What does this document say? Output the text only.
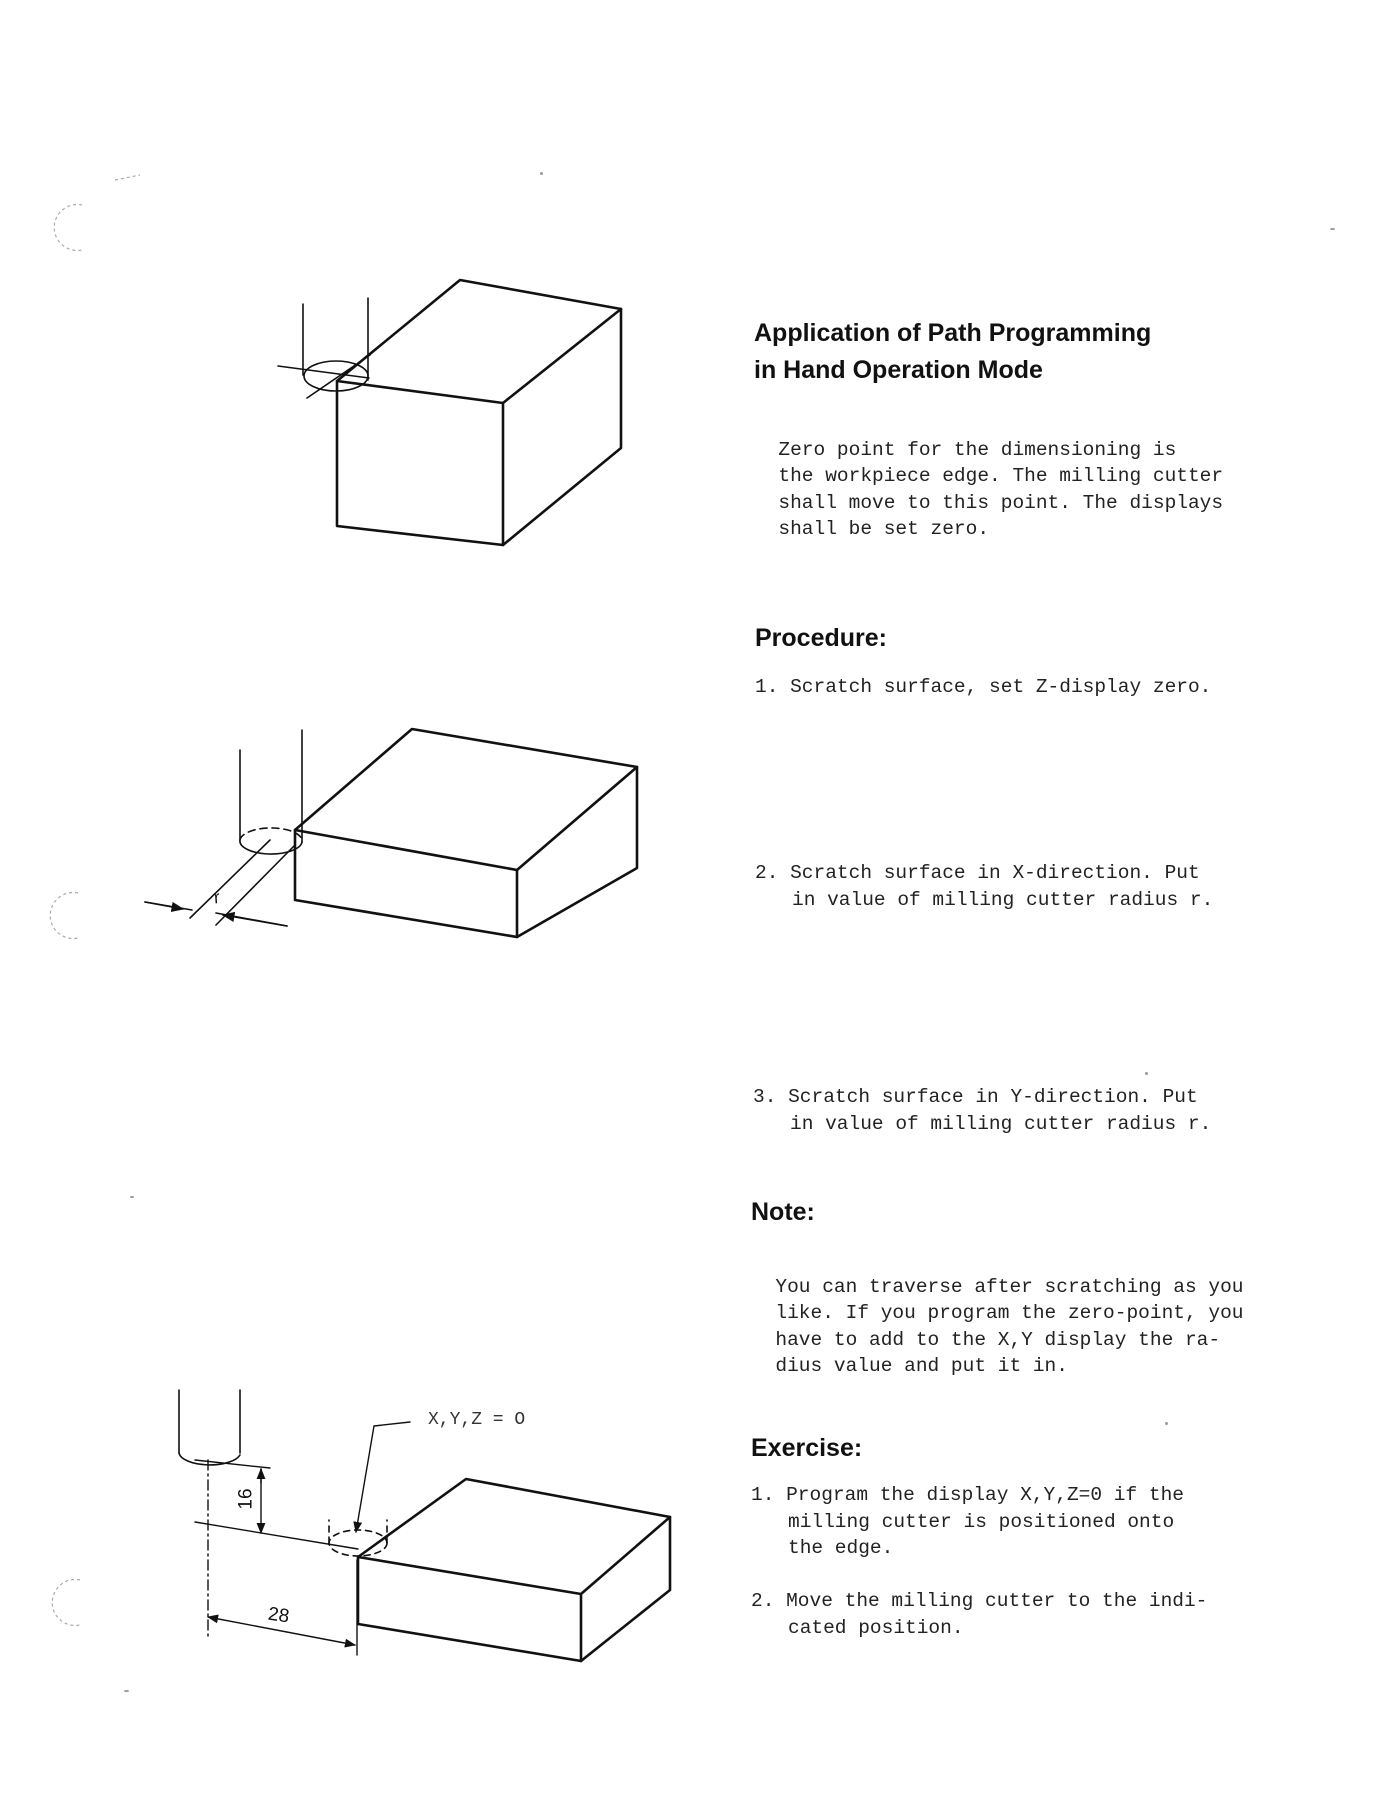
r
X,Y,Z = O
16
28
Application of Path Programming
in Hand Operation Mode

Zero point for the dimensioning is
the workpiece edge. The milling cutter
shall move to this point. The displays
shall be set zero.

Procedure:
1. Scratch surface, set Z-display zero.
2. Scratch surface in X-direction. Put
in value of milling cutter radius r.
3. Scratch surface in Y-direction. Put
in value of milling cutter radius r.
Note:

You can traverse after scratching as you
like. If you program the zero-point, you
have to add to the X,Y display the ra-
dius value and put it in.

Exercise:
1. Program the display X,Y,Z=0 if the
milling cutter is positioned onto
the edge.
2. Move the milling cutter to the indi-
cated position.
